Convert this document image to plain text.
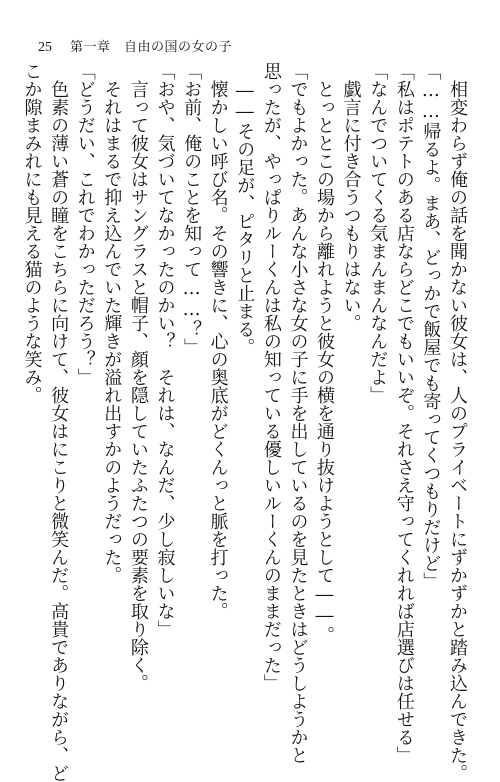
25 第一章　 自由の国の女の子

相変わらず俺の話を聞かない彼女は、人のプライベートにずかずかと踏み込んできた。

「……帰るよ。まあ、どっかで飯屋でも寄ってくつもりだけど」

「私はポテトのある店ならどこでもいいぞ。それさえ守ってくれれば店選びは任せる」

「なんでついてくる気まんまんなんだよ」

戯言に付き合うつもりはない。

とっととこの場から離れようと彼女の横を通り抜けようとして――。

「でもよかった。あんな小さな女の子に手を出しているのを見たときはどうしようかと

思ったが、やっぱりルーくんは私の知っている優しいルーくんのままだった」

――その足が、ピタリと止まる。

懐かしい呼び名。その響きに、心の奥底がどくんっと脈を打った。

「お前、俺のことを知って……？」

「おや、気づいてなかったのかい？　それは、なんだ、少し寂しいな」

言って彼女はサングラスと帽子、顔を隠していたふたつの要素を取り除く。

それはまるで抑え込んでいた輝きが溢れ出すかのようだった。

「どうだい、これでわかっただろう？」

色素の薄い蒼の瞳をこちらに向けて、彼女はにこりと微笑んだ。高貴でありながら、ど

こか隙まみれにも見える猫のような笑み。
